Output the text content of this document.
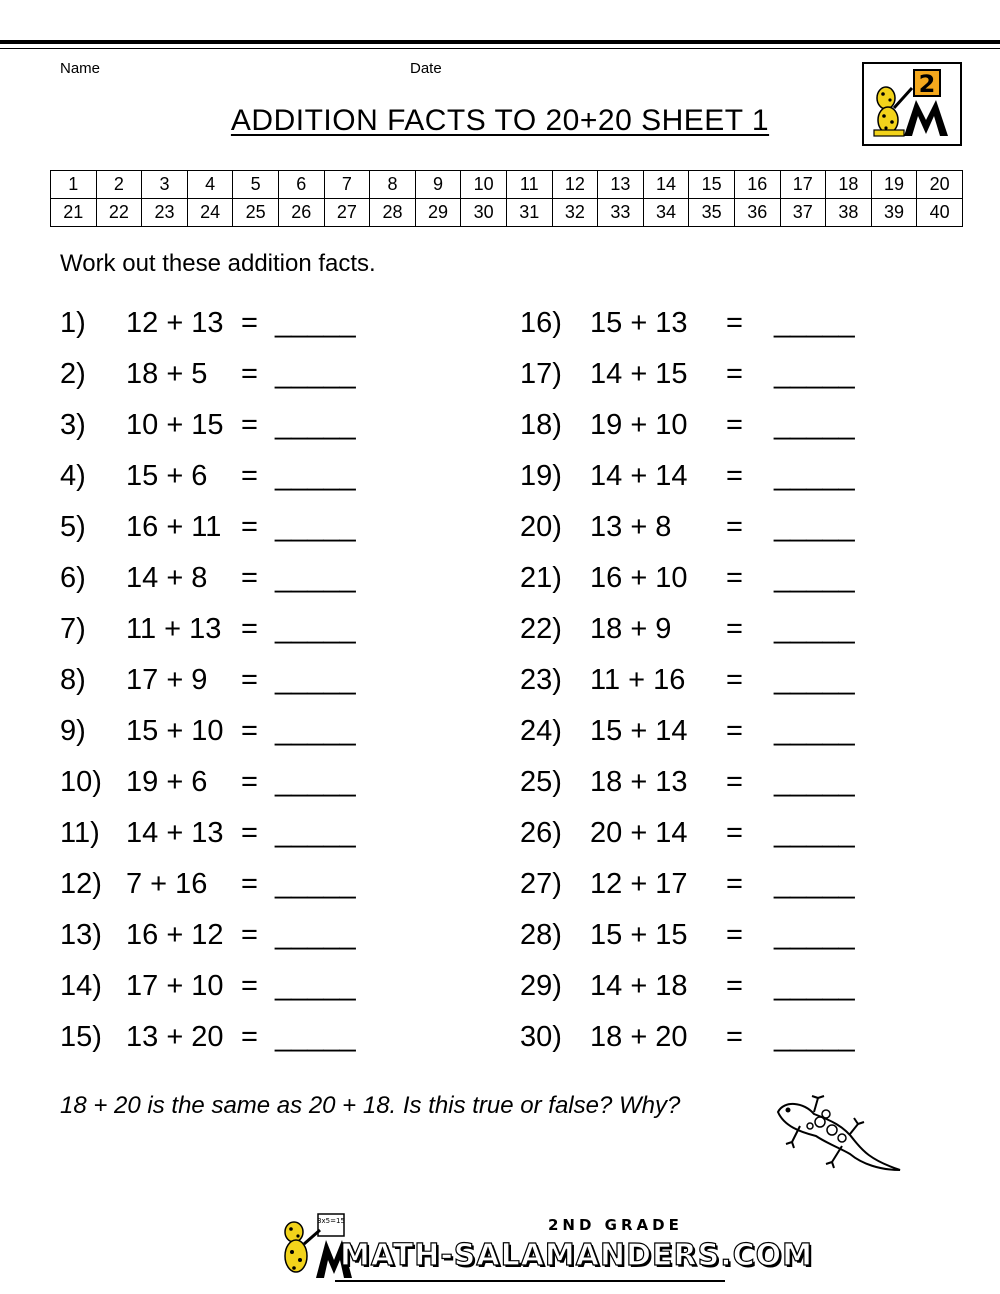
Name	Date
ADDITION FACTS TO 20+20 SHEET 1
2
1	2	3	4	5	6	7	8	9	10	11	12	13	14	15	16	17	18	19	20
21	22	23	24	25	26	27	28	29	30	31	32	33	34	35	36	37	38	39	40
Work out these addition facts.
1) 12 + 13 = _____
2) 18 + 5 = _____
3) 10 + 15 = _____
4) 15 + 6 = _____
5) 16 + 11 = _____
6) 14 + 8 = _____
7) 11 + 13 = _____
8) 17 + 9 = _____
9) 15 + 10 = _____
10) 19 + 6 = _____
11) 14 + 13 = _____
12) 7 + 16 = _____
13) 16 + 12 = _____
14) 17 + 10 = _____
15) 13 + 20 = _____
16) 15 + 13 = _____
17) 14 + 15 = _____
18) 19 + 10 = _____
19) 14 + 14 = _____
20) 13 + 8 = _____
21) 16 + 10 = _____
22) 18 + 9 = _____
23) 11 + 16 = _____
24) 15 + 14 = _____
25) 18 + 13 = _____
26) 20 + 14 = _____
27) 12 + 17 = _____
28) 15 + 15 = _____
29) 14 + 18 = _____
30) 18 + 20 = _____
18 + 20 is the same as 20 + 18. Is this true or false? Why?
3x5=15	2ND GRADE
MATH-SALAMANDERS.COM
